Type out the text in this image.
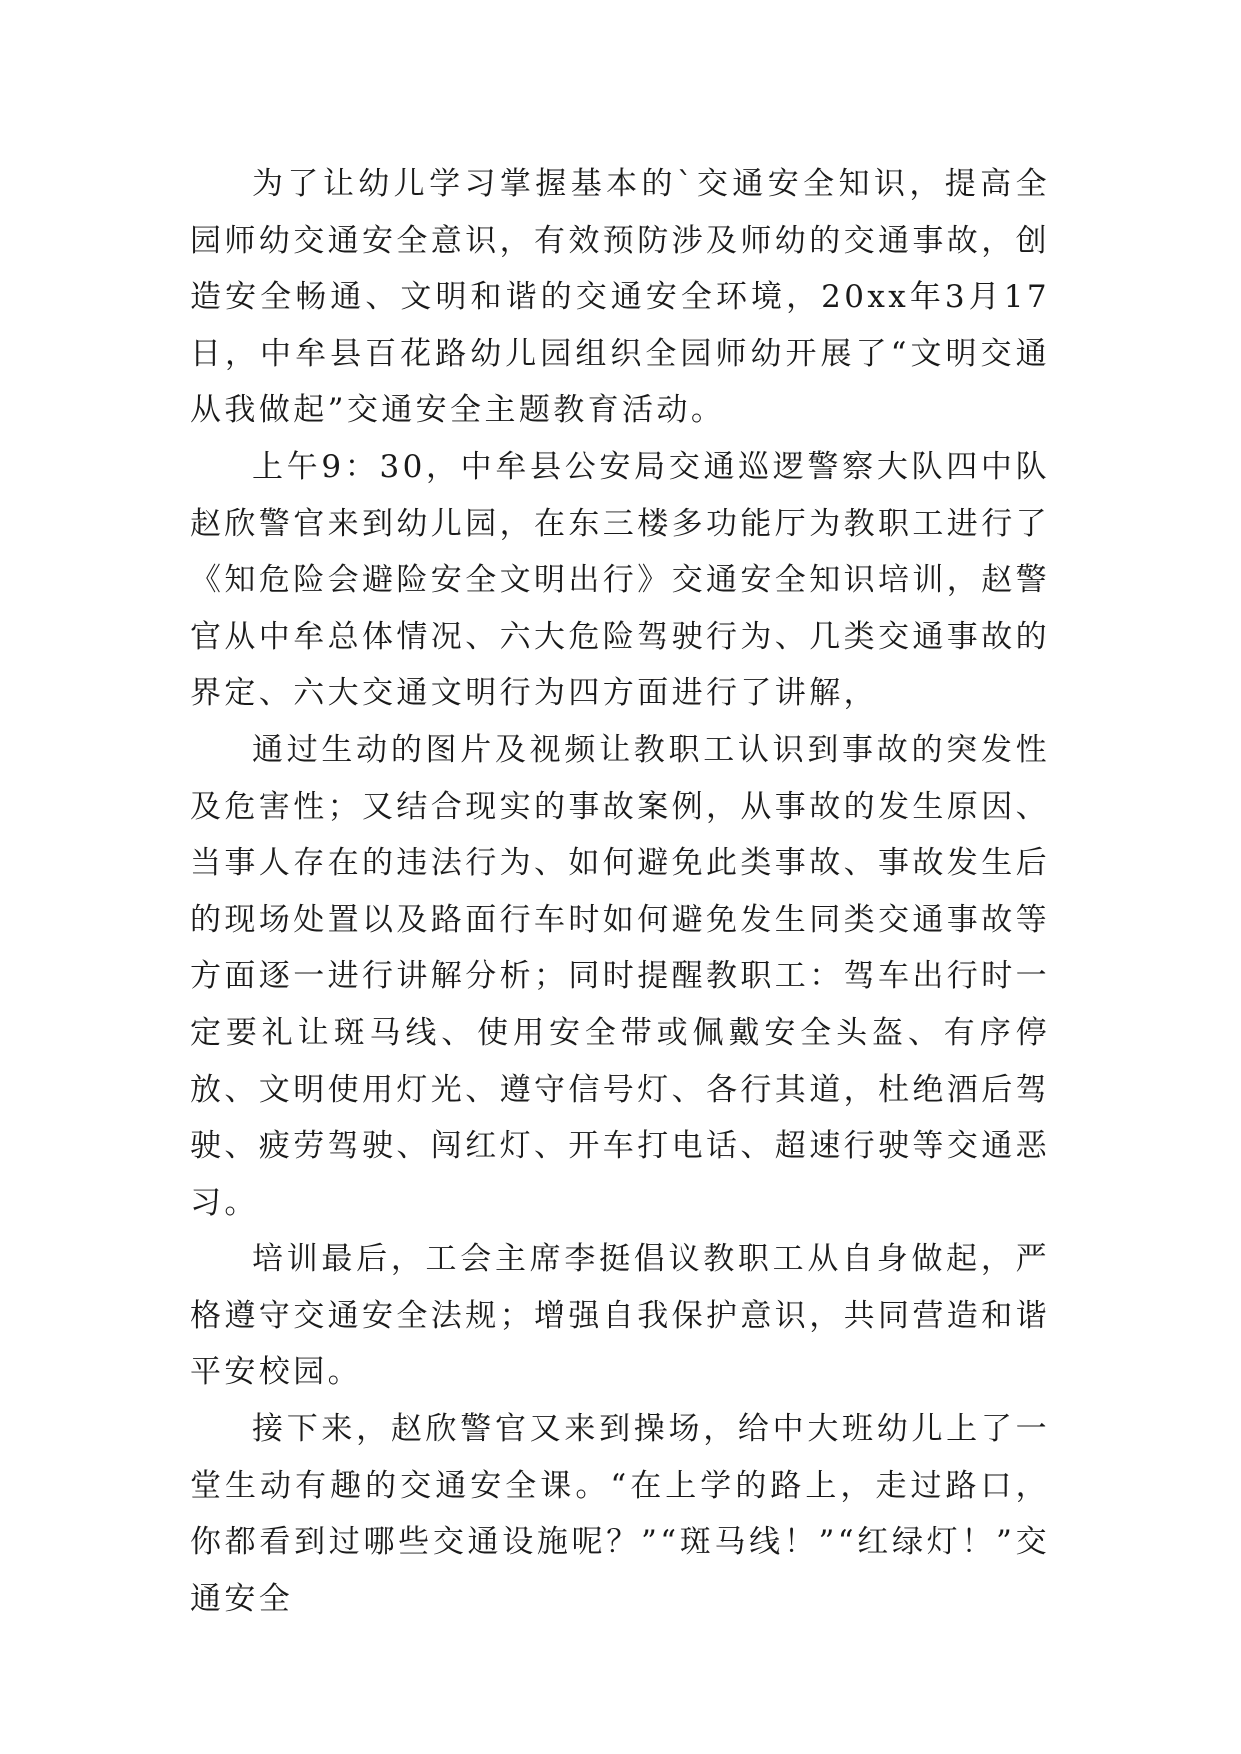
为了让幼儿学习掌握基本的`交通安全知识，提高全园师幼交通安全意识，有效预防涉及师幼的交通事故，创造安全畅通、文明和谐的交通安全环境，20xx年3月17日，中牟县百花路幼儿园组织全园师幼开展了“文明交通从我做起”交通安全主题教育活动。

上午9：30，中牟县公安局交通巡逻警察大队四中队赵欣警官来到幼儿园，在东三楼多功能厅为教职工进行了《知危险会避险安全文明出行》交通安全知识培训，赵警官从中牟总体情况、六大危险驾驶行为、几类交通事故的界定、六大交通文明行为四方面进行了讲解，

通过生动的图片及视频让教职工认识到事故的突发性及危害性；又结合现实的事故案例，从事故的发生原因、当事人存在的违法行为、如何避免此类事故、事故发生后的现场处置以及路面行车时如何避免发生同类交通事故等方面逐一进行讲解分析；同时提醒教职工：驾车出行时一定要礼让斑马线、使用安全带或佩戴安全头盔、有序停放、文明使用灯光、遵守信号灯、各行其道，杜绝酒后驾驶、疲劳驾驶、闯红灯、开车打电话、超速行驶等交通恶习。

培训最后，工会主席李挺倡议教职工从自身做起，严格遵守交通安全法规；增强自我保护意识，共同营造和谐平安校园。

接下来，赵欣警官又来到操场，给中大班幼儿上了一堂生动有趣的交通安全课。“在上学的路上，走过路口，你都看到过哪些交通设施呢？”“斑马线！”“红绿灯！”交通安全
